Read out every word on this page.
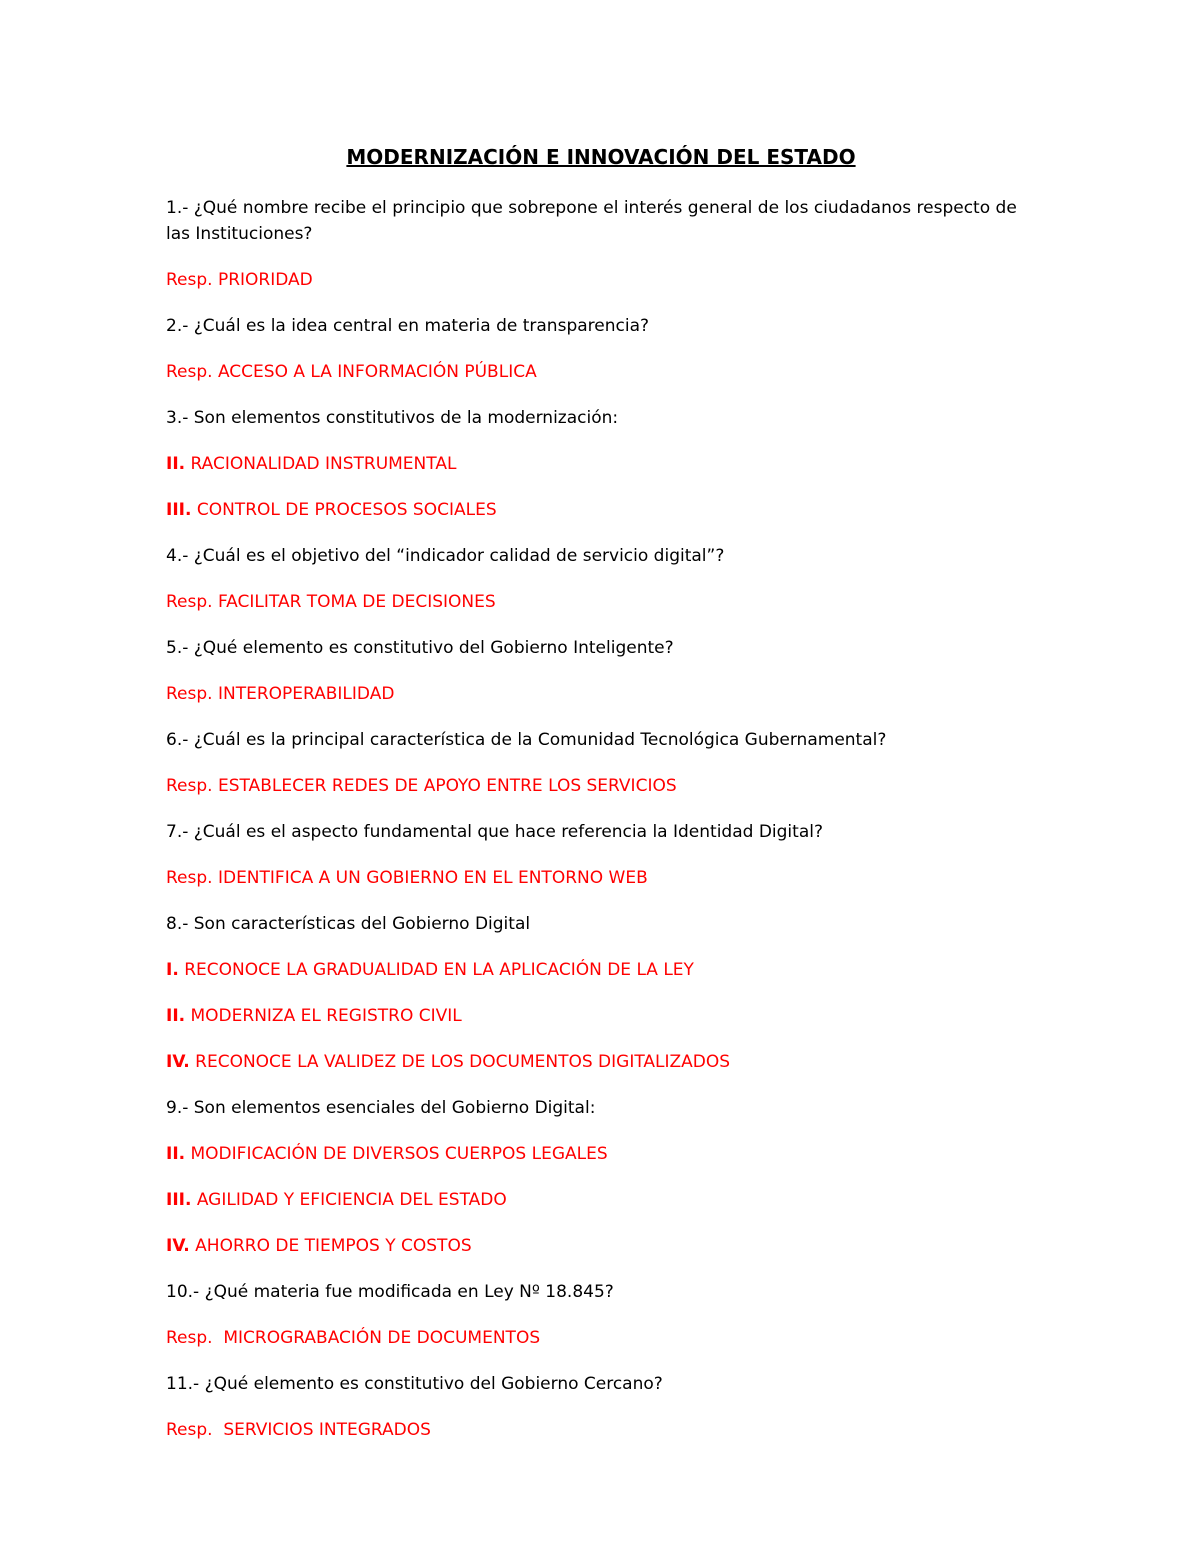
MODERNIZACIÓN E INNOVACIÓN DEL ESTADO
1.- ¿Qué nombre recibe el principio que sobrepone el interés general de los ciudadanos respecto de las Instituciones?
Resp. PRIORIDAD
2.- ¿Cuál es la idea central en materia de transparencia?
Resp. ACCESO A LA INFORMACIÓN PÚBLICA
3.- Son elementos constitutivos de la modernización:
II. RACIONALIDAD INSTRUMENTAL
III. CONTROL DE PROCESOS SOCIALES
4.- ¿Cuál es el objetivo del “indicador calidad de servicio digital”?
Resp. FACILITAR TOMA DE DECISIONES
5.- ¿Qué elemento es constitutivo del Gobierno Inteligente?
Resp. INTEROPERABILIDAD
6.- ¿Cuál es la principal característica de la Comunidad Tecnológica Gubernamental?
Resp. ESTABLECER REDES DE APOYO ENTRE LOS SERVICIOS
7.- ¿Cuál es el aspecto fundamental que hace referencia la Identidad Digital?
Resp. IDENTIFICA A UN GOBIERNO EN EL ENTORNO WEB
8.- Son características del Gobierno Digital
I. RECONOCE LA GRADUALIDAD EN LA APLICACIÓN DE LA LEY
II. MODERNIZA EL REGISTRO CIVIL
IV. RECONOCE LA VALIDEZ DE LOS DOCUMENTOS DIGITALIZADOS
9.- Son elementos esenciales del Gobierno Digital:
II. MODIFICACIÓN DE DIVERSOS CUERPOS LEGALES
III. AGILIDAD Y EFICIENCIA DEL ESTADO
IV. AHORRO DE TIEMPOS Y COSTOS
10.- ¿Qué materia fue modificada en Ley Nº 18.845?
Resp.  MICROGRABACIÓN DE DOCUMENTOS
11.- ¿Qué elemento es constitutivo del Gobierno Cercano?
Resp.  SERVICIOS INTEGRADOS
